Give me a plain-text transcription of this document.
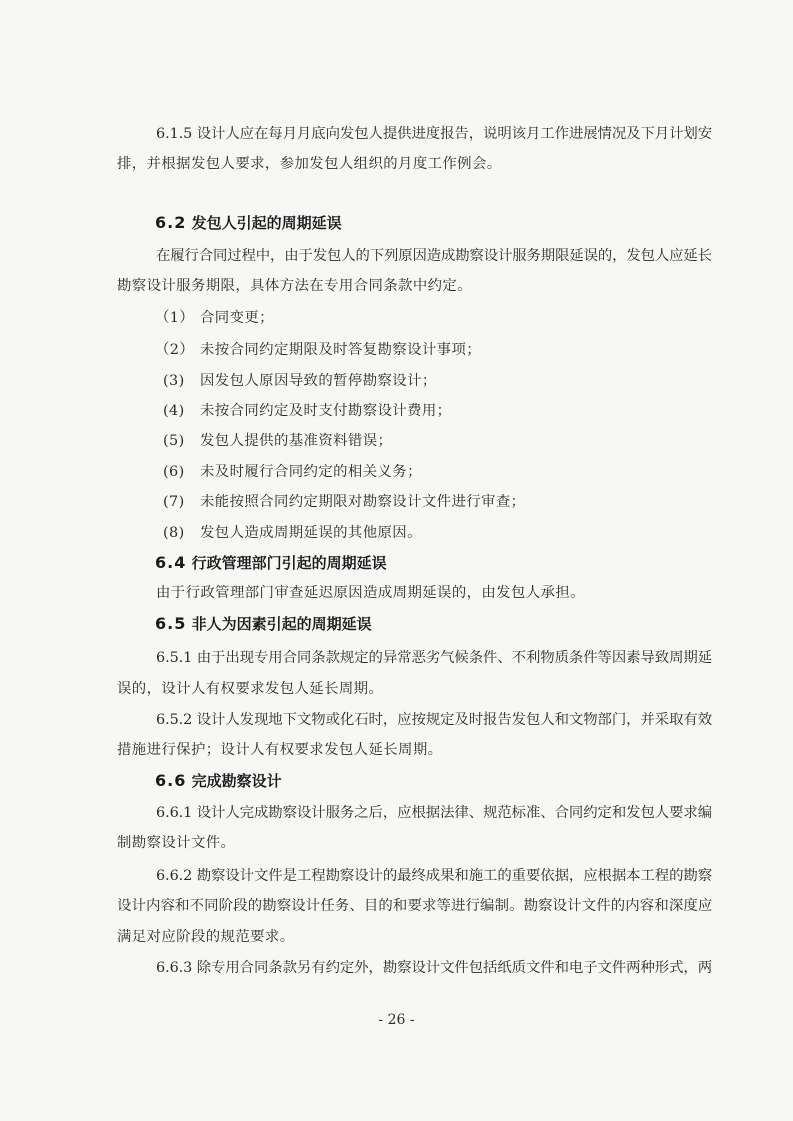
6.1.5 设计人应在每月月底向发包人提供进度报告，说明该月工作进展情况及下月计划安
排，并根据发包人要求，参加发包人组织的月度工作例会。
6.2 发包人引起的周期延误
在履行合同过程中，由于发包人的下列原因造成勘察设计服务期限延误的，发包人应延长
勘察设计服务期限，具体方法在专用合同条款中约定。
（1） 合同变更；
（2） 未按合同约定期限及时答复勘察设计事项；
(3) 因发包人原因导致的暂停勘察设计；
(4) 未按合同约定及时支付勘察设计费用；
(5) 发包人提供的基准资料错误；
(6) 未及时履行合同约定的相关义务；
(7) 未能按照合同约定期限对勘察设计文件进行审查；
(8) 发包人造成周期延误的其他原因。
6.4 行政管理部门引起的周期延误
由于行政管理部门审查延迟原因造成周期延误的，由发包人承担。
6.5 非人为因素引起的周期延误
6.5.1 由于出现专用合同条款规定的异常恶劣气候条件、不利物质条件等因素导致周期延
误的，设计人有权要求发包人延长周期。
6.5.2 设计人发现地下文物或化石时，应按规定及时报告发包人和文物部门，并采取有效
措施进行保护；设计人有权要求发包人延长周期。
6.6 完成勘察设计
6.6.1 设计人完成勘察设计服务之后，应根据法律、规范标准、合同约定和发包人要求编
制勘察设计文件。
6.6.2 勘察设计文件是工程勘察设计的最终成果和施工的重要依据，应根据本工程的勘察
设计内容和不同阶段的勘察设计任务、目的和要求等进行编制。勘察设计文件的内容和深度应
满足对应阶段的规范要求。
6.6.3 除专用合同条款另有约定外，勘察设计文件包括纸质文件和电子文件两种形式，两
- 26 -
